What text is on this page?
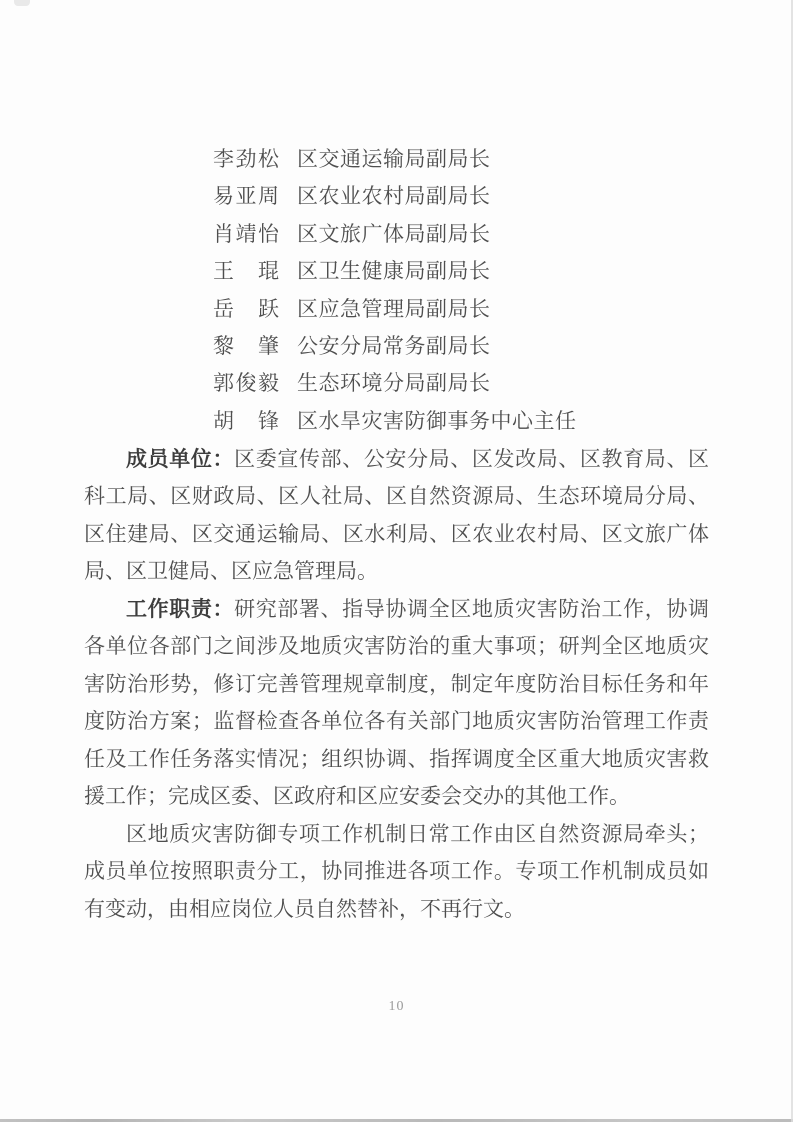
李 劲 松 区交通运输局副局长
易 亚 周 区农业农村局副局长
肖 靖 怡 区文旅广体局副局长
王 琨 区卫生健康局副局长
岳 跃 区应急管理局副局长
黎 肇 公安分局常务副局长
郭 俊 毅 生态环境分局副局长
胡 锋 区水旱灾害防御事务中心主任
成员单位：区委宣传部、公安分局、区发改局、区教育局、区
科工局、区财政局、区人社局、区自然资源局、生态环境局分局、
区住建局、区交通运输局、区水利局、区农业农村局、区文旅广体
局、区卫健局、区应急管理局。
工作职责：研究部署、指导协调全区地质灾害防治工作，协调
各单位各部门之间涉及地质灾害防治的重大事项；研判全区地质灾
害防治形势，修订完善管理规章制度，制定年度防治目标任务和年
度防治方案；监督检查各单位各有关部门地质灾害防治管理工作责
任及工作任务落实情况；组织协调、指挥调度全区重大地质灾害救
援工作；完成区委、区政府和区应安委会交办的其他工作。
区地质灾害防御专项工作机制日常工作由区自然资源局牵头；
成员单位按照职责分工，协同推进各项工作。专项工作机制成员如
有变动，由相应岗位人员自然替补，不再行文。
10
